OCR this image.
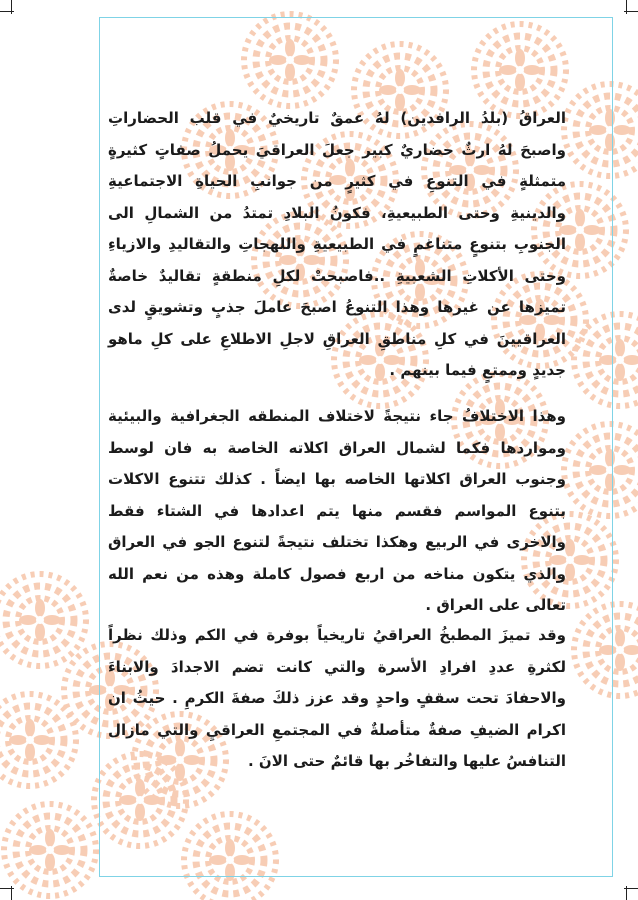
العراقُ (بلدُ الرافدين) لهُ عمقٌ تاريخيٌ في قلب الحضاراتِ واصبحَ لهُ ارثٌ حضاريٌ كبير جعلَ العراقيَ يحملُ صفاتٍ كثيرةٍ متمثلةٍ في التنوعِ في كثيرٍ من جوانبِ الحياةِ الاجتماعيةِ والدينيةِ وحتى الطبيعيةِ، فكونُ البلادِ تمتدُ من الشمالِ الى الجنوبِ بتنوعٍ متناغمٍ في الطبيعيةِ واللهجاتِ والتقاليدِ والازياءِ وحتى الأكلاتِ الشعبيةِ ..فاصبحتْ لكلِ منطقةٍ تقاليدٌ خاصةٌ تميزها عن غيرها وهذا التنوعُ اصبحَ عاملَ جذبٍ وتشويقٍ لدى العراقيينَ في كلِ مناطقِ العراقِ لاجلِ الاطلاعِ على كلِ ماهو جديدٍ وممتعٍ فيما بينهم .
وهذا الاختلافُ جاء نتيجةً لاختلاف المنطقه الجغرافية والبيئية ومواردها فكما لشمال العراق اكلاته الخاصة به فان لوسط وجنوب العراق اكلاتها الخاصه بها ايضاً . كذلك تتنوع الاكلات بتنوع المواسم فقسم منها يتم اعدادها في الشتاء فقط والاخرى في الربيع وهكذا تختلف نتيجةً لتنوع الجو في العراق والذي يتكون مناخه من اربع فصول كاملة وهذه من نعم الله تعالى على العراق .
وقد تميزَ المطبخُ العراقيُ تاريخياً بوفرة في الكم وذلك نظراً لكثرةِ عددِ افرادِ الأسرة والتي كانت تضم الاجدادَ والابناءَ والاحفادَ تحت سقفٍ واحدٍ وقد عزز ذلكَ صفةَ الكرمِ . حيثُ ان اكرام الضيفِ صفةٌ متأصلةٌ في المجتمعِ العراقيِ والتي مازال التنافسُ عليها والتفاخُر بها قائمٌ حتى الانَ .
